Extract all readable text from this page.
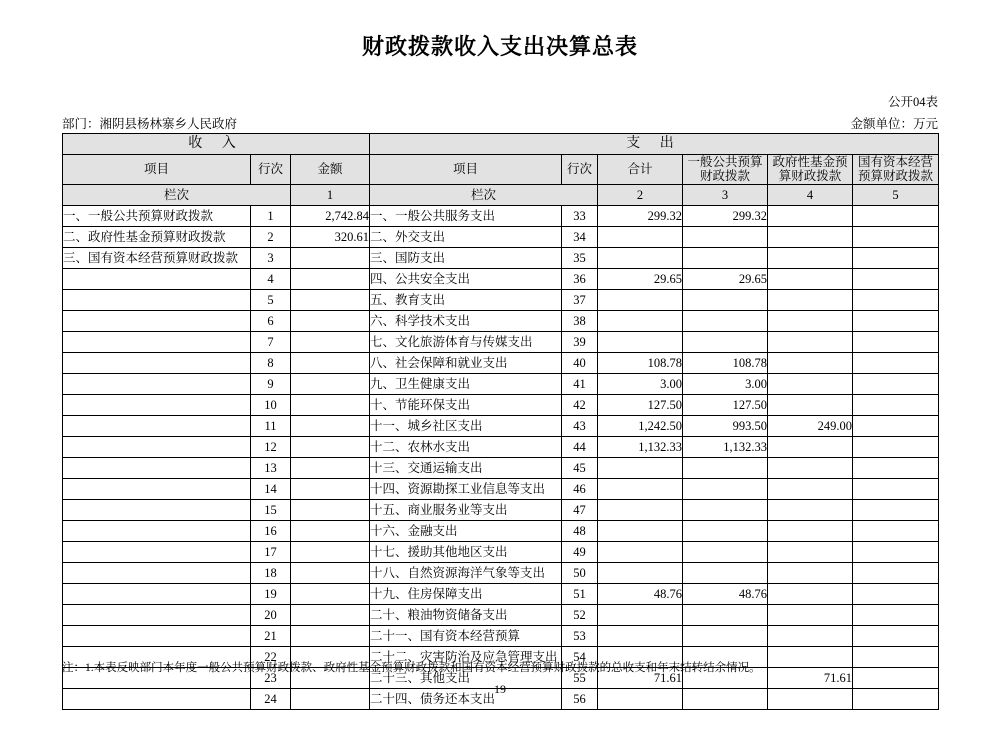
财政拨款收入支出决算总表
公开04表
金额单位：万元
部门：湘阴县杨林寨乡人民政府
收 入			支 出					
项目	行次	金额	项目	行次	合计	一般公共预算财政拨款	政府性基金预算财政拨款	国有资本经营预算财政拨款

栏次		1	栏次		2	3	4	5
一、一般公共预算财政拨款	1	2,742.84	一、一般公共服务支出	33	299.32	299.32		
二、政府性基金预算财政拨款	2	320.61	二、外交支出	34				
三、国有资本经营预算财政拨款	3		三、国防支出	35				
	4		四、公共安全支出	36	29.65	29.65		
	5		五、教育支出	37				
	6		六、科学技术支出	38				
	7		七、文化旅游体育与传媒支出	39				
	8		八、社会保障和就业支出	40	108.78	108.78		
	9		九、卫生健康支出	41	3.00	3.00		
	10		十、节能环保支出	42	127.50	127.50		
	11		十一、城乡社区支出	43	1,242.50	993.50	249.00	
	12		十二、农林水支出	44	1,132.33	1,132.33		
	13		十三、交通运输支出	45				
	14		十四、资源勘探工业信息等支出	46				
	15		十五、商业服务业等支出	47				
	16		十六、金融支出	48				
	17		十七、援助其他地区支出	49				
	18		十八、自然资源海洋气象等支出	50				
	19		十九、住房保障支出	51	48.76	48.76		
	20		二十、粮油物资储备支出	52				
	21		二十一、国有资本经营预算	53				
	22		二十二、灾害防治及应急管理支出	54				
	23		二十三、其他支出	55	71.61		71.61	
	24		二十四、债务还本支出	56				
注：1.本表反映部门本年度一般公共预算财政拨款、政府性基金预算财政拨款和国有资本经营预算财政拨款的总收支和年末结转结余情况。
19
